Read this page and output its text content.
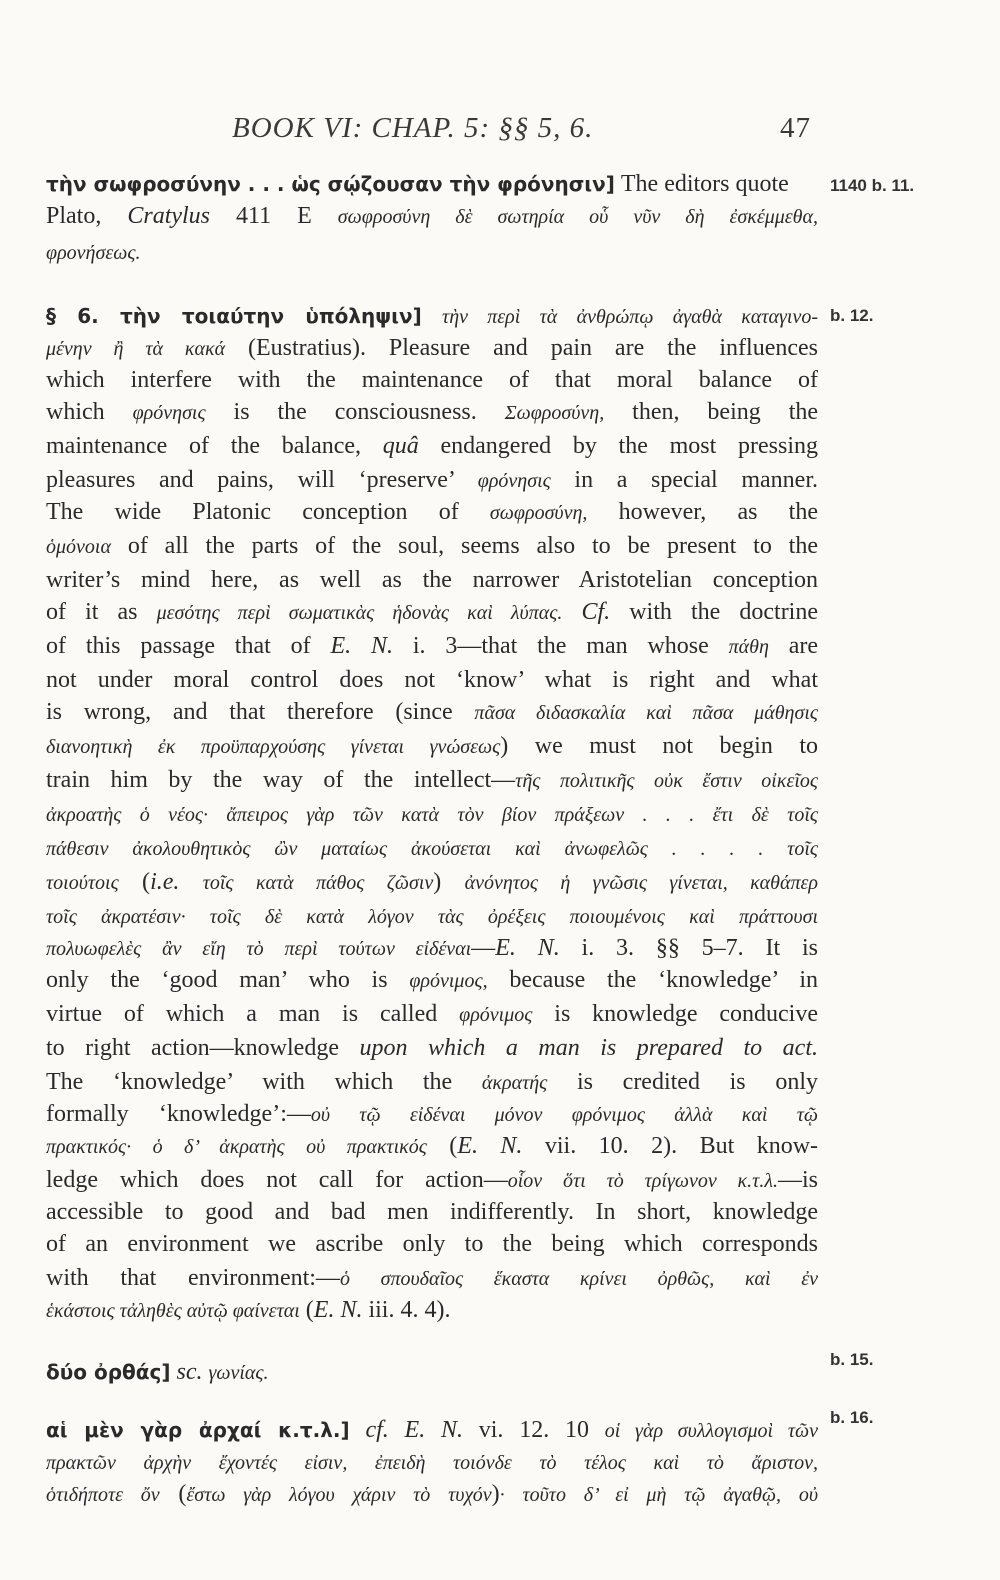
BOOK VI: CHAP. 5: §§ 5, 6.	47
τὴν σωφροσύνην . . . ὡς σῴζουσαν τὴν φρόνησιν] The editors quote
Plato, Cratylus 411 E σωφροσύνη δὲ σωτηρία οὗ νῦν δὴ ἐσκέμμεθα,
φρονήσεως.
§ 6. τὴν τοιαύτην ὑπόληψιν] τὴν περὶ τὰ ἀνθρώπῳ ἀγαθὰ καταγινο-
μένην ἢ τὰ κακά (Eustratius). Pleasure and pain are the influences
which interfere with the maintenance of that moral balance of
which φρόνησις is the consciousness. Σωφροσύνη, then, being the
maintenance of the balance, quâ endangered by the most pressing
pleasures and pains, will ‘preserve’ φρόνησις in a special manner.
The wide Platonic conception of σωφροσύνη, however, as the
ὁμόνοια of all the parts of the soul, seems also to be present to the
writer’s mind here, as well as the narrower Aristotelian conception
of it as μεσότης περὶ σωματικὰς ἡδονὰς καὶ λύπας. Cf. with the doctrine
of this passage that of E. N. i. 3—that the man whose πάθη are
not under moral control does not ‘know’ what is right and what
is wrong, and that therefore (since πᾶσα διδασκαλία καὶ πᾶσα μάθησις
διανοητικὴ ἐκ προϋπαρχούσης γίνεται γνώσεως) we must not begin to
train him by the way of the intellect—τῆς πολιτικῆς οὐκ ἔστιν οἰκεῖος
ἀκροατὴς ὁ νέος· ἄπειρος γὰρ τῶν κατὰ τὸν βίον πράξεων . . . ἔτι δὲ τοῖς
πάθεσιν ἀκολουθητικὸς ὢν ματαίως ἀκούσεται καὶ ἀνωφελῶς . . . . τοῖς
τοιούτοις (i.e. τοῖς κατὰ πάθος ζῶσιν) ἀνόνητος ἡ γνῶσις γίνεται, καθάπερ
τοῖς ἀκρατέσιν· τοῖς δὲ κατὰ λόγον τὰς ὀρέξεις ποιουμένοις καὶ πράττουσι
πολυωφελὲς ἂν εἴη τὸ περὶ τούτων εἰδέναι—E. N. i. 3. §§ 5–7. It is
only the ‘good man’ who is φρόνιμος, because the ‘knowledge’ in
virtue of which a man is called φρόνιμος is knowledge conducive
to right action—knowledge upon which a man is prepared to act.
The ‘knowledge’ with which the ἀκρατής is credited is only
formally ‘knowledge’:—οὐ τῷ εἰδέναι μόνον φρόνιμος ἀλλὰ καὶ τῷ
πρακτικός· ὁ δ’ ἀκρατὴς οὐ πρακτικός (E. N. vii. 10. 2). But know-
ledge which does not call for action—οἷον ὅτι τὸ τρίγωνον κ.τ.λ.—is
accessible to good and bad men indifferently. In short, knowledge
of an environment we ascribe only to the being which corresponds
with that environment:—ὁ σπουδαῖος ἕκαστα κρίνει ὀρθῶς, καὶ ἐν
ἑκάστοις τἀληθὲς αὐτῷ φαίνεται (E. N. iii. 4. 4).
δύο ὀρθάς] sc. γωνίας.
αἱ μὲν γὰρ ἀρχαί κ.τ.λ.] cf. E. N. vi. 12. 10 οἱ γὰρ συλλογισμοὶ τῶν
πρακτῶν ἀρχὴν ἔχοντές εἰσιν, ἐπειδὴ τοιόνδε τὸ τέλος καὶ τὸ ἄριστον,
ὁτιδήποτε ὄν (ἔστω γὰρ λόγου χάριν τὸ τυχόν)· τοῦτο δ’ εἰ μὴ τῷ ἀγαθῷ, οὐ
1140 b. 11.
b. 12.
b. 15.
b. 16.
